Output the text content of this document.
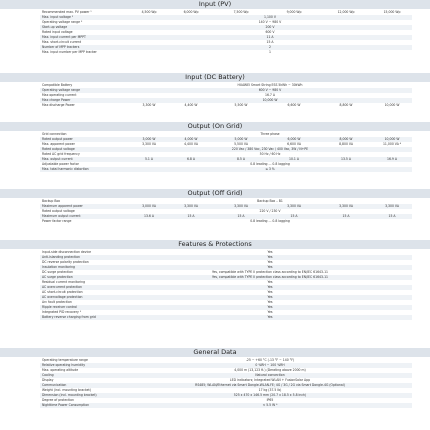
Input (PV)
Recommended max. PV power ¹	4,500 Wp	6,000 Wp	7,500 Wp	9,000 Wp	12,000 Wp	15,000 Wp
Max. input voltage ²	1,100 V
Operating voltage range ³	140 V ~ 980 V
Start-up voltage	200 V
Rated input voltage	600 V
Max. input current per MPPT	11 A
Max. short-circuit current	15 A
Number of MPP trackers	2
Max. input number per MPP tracker	1
Input (DC Battery)
Compatible Battery	HUAWEI Smart String ESS 5kWh ~ 30kWh
Operating voltage range	600 V ~ 980 V
Max operating current	16.7 A
Max charge Power	10,000 W
Max discharge Power	3,300 W	4,400 W	5,500 W	6,600 W	8,800 W	10,000 W
Output (On Grid)
Grid connection	Three phase
Rated output power	3,000 W	4,000 W	5,000 W	6,000 W	8,000 W	10,000 W
Max. apparent power	3,300 VA	4,400 VA	5,500 VA	6,600 VA	8,800 VA	11,000 VA ⁴
Rated output voltage	220 Vac / 380 Vac, 230 Vac / 400 Vac, 3W / N+PE
Rated AC grid frequency	50 Hz / 60 Hz
Max. output current	5.1 A	6.8 A	8.5 A	10.1 A	13.5 A	16.9 A
Adjustable power factor	0.8 leading ... 0.8 lagging
Max. total harmonic distortion	≤ 3 %
Output (Off Grid)
Backup Box	Backup Box – B1
Maximum apparent power	3,000 VA	3,300 VA	3,300 VA	3,300 VA	3,300 VA	3,300 VA
Rated output voltage	220 V / 230 V
Maximum output current	13.6 A	15 A	15 A	15 A	15 A	15 A
Power factor range	0.8 leading ... 0.8 lagging
Features & Protections
Input-side disconnection device	Yes
Anti-islanding protection	Yes
DC reverse polarity protection	Yes
Insulation monitoring	Yes
DC surge protection	Yes, compatible with TYPE II protection class according to EN/IEC 61643-11
AC surge protection	Yes, compatible with TYPE II protection class according to EN/IEC 61643-11
Residual current monitoring	Yes
AC overcurrent protection	Yes
AC short-circuit protection	Yes
AC overvoltage protection	Yes
Arc fault protection	Yes
Ripple receiver control	Yes
Integrated PID recovery ⁵	Yes
Battery reverse charging from grid	Yes
General Data
Operating temperature range	-25 ~ +60 °C (-13 °F ~ 140 °F)
Relative operating humidity	0 %RH ~ 100 %RH
Max. operating altitude	4,000 m (13,123 ft.) (Derating above 2000 m)
Cooling	Natural convection
Display	LED indicators; Integrated WLAN + FusionSolar App
Communication	RS485; WLAN/Ethernet via Smart Dongle-WLAN-FE; 4G / 3G / 2G via Smart Dongle-4G (Optional)
Weight (incl. mounting bracket)	17 kg (37.5 lb)
Dimension (incl. mounting bracket)	525 x 470 x 146.5 mm (20.7 x 18.5 x 5.8 inch)
Degree of protection	IP65
Nighttime Power Consumption	< 5.5 W ⁶
